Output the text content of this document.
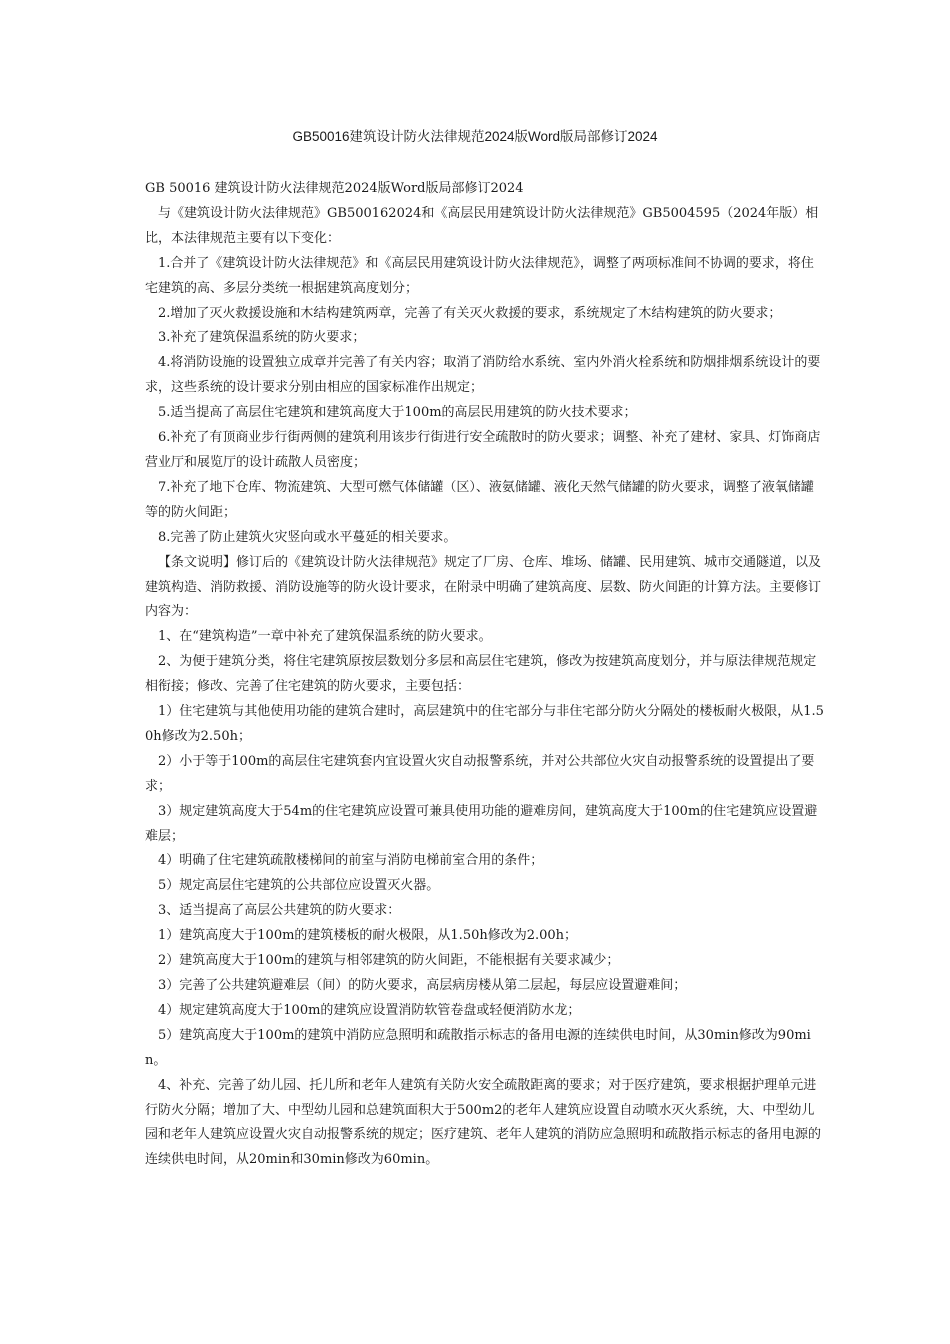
GB50016建筑设计防火法律规范2024版Word版局部修订2024

GB 50016 建筑设计防火法律规范2024版Word版局部修订2024

与《建筑设计防火法律规范》GB500162024和《高层民用建筑设计防火法律规范》GB5004595（2024年版）相比，本法律规范主要有以下变化：

1.合并了《建筑设计防火法律规范》和《高层民用建筑设计防火法律规范》，调整了两项标准间不协调的要求，将住宅建筑的高、多层分类统一根据建筑高度划分；

2.增加了灭火救援设施和木结构建筑两章，完善了有关灭火救援的要求，系统规定了木结构建筑的防火要求；

3.补充了建筑保温系统的防火要求；

4.将消防设施的设置独立成章并完善了有关内容；取消了消防给水系统、室内外消火栓系统和防烟排烟系统设计的要求，这些系统的设计要求分别由相应的国家标准作出规定；

5.适当提高了高层住宅建筑和建筑高度大于100m的高层民用建筑的防火技术要求；

6.补充了有顶商业步行街两侧的建筑利用该步行街进行安全疏散时的防火要求；调整、补充了建材、家具、灯饰商店营业厅和展览厅的设计疏散人员密度；

7.补充了地下仓库、物流建筑、大型可燃气体储罐（区）、液氨储罐、液化天然气储罐的防火要求，调整了液氧储罐等的防火间距；

8.完善了防止建筑火灾竖向或水平蔓延的相关要求。

【条文说明】修订后的《建筑设计防火法律规范》规定了厂房、仓库、堆场、储罐、民用建筑、城市交通隧道，以及建筑构造、消防救援、消防设施等的防火设计要求，在附录中明确了建筑高度、层数、防火间距的计算方法。主要修订内容为：

1、在“建筑构造”一章中补充了建筑保温系统的防火要求。

2、为便于建筑分类，将住宅建筑原按层数划分多层和高层住宅建筑，修改为按建筑高度划分，并与原法律规范规定相衔接；修改、完善了住宅建筑的防火要求，主要包括：

1）住宅建筑与其他使用功能的建筑合建时，高层建筑中的住宅部分与非住宅部分防火分隔处的楼板耐火极限，从1.50h修改为2.50h；

2）小于等于100m的高层住宅建筑套内宜设置火灾自动报警系统，并对公共部位火灾自动报警系统的设置提出了要求；

3）规定建筑高度大于54m的住宅建筑应设置可兼具使用功能的避难房间，建筑高度大于100m的住宅建筑应设置避难层；

4）明确了住宅建筑疏散楼梯间的前室与消防电梯前室合用的条件；

5）规定高层住宅建筑的公共部位应设置灭火器。

3、适当提高了高层公共建筑的防火要求：

1）建筑高度大于100m的建筑楼板的耐火极限，从1.50h修改为2.00h；

2）建筑高度大于100m的建筑与相邻建筑的防火间距，不能根据有关要求减少；

3）完善了公共建筑避难层（间）的防火要求，高层病房楼从第二层起，每层应设置避难间；

4）规定建筑高度大于100m的建筑应设置消防软管卷盘或轻便消防水龙；

5）建筑高度大于100m的建筑中消防应急照明和疏散指示标志的备用电源的连续供电时间，从30min修改为90min。

4、补充、完善了幼儿园、托儿所和老年人建筑有关防火安全疏散距离的要求；对于医疗建筑，要求根据护理单元进行防火分隔；增加了大、中型幼儿园和总建筑面积大于500m2的老年人建筑应设置自动喷水灭火系统，大、中型幼儿园和老年人建筑应设置火灾自动报警系统的规定；医疗建筑、老年人建筑的消防应急照明和疏散指示标志的备用电源的连续供电时间，从20min和30min修改为60min。
